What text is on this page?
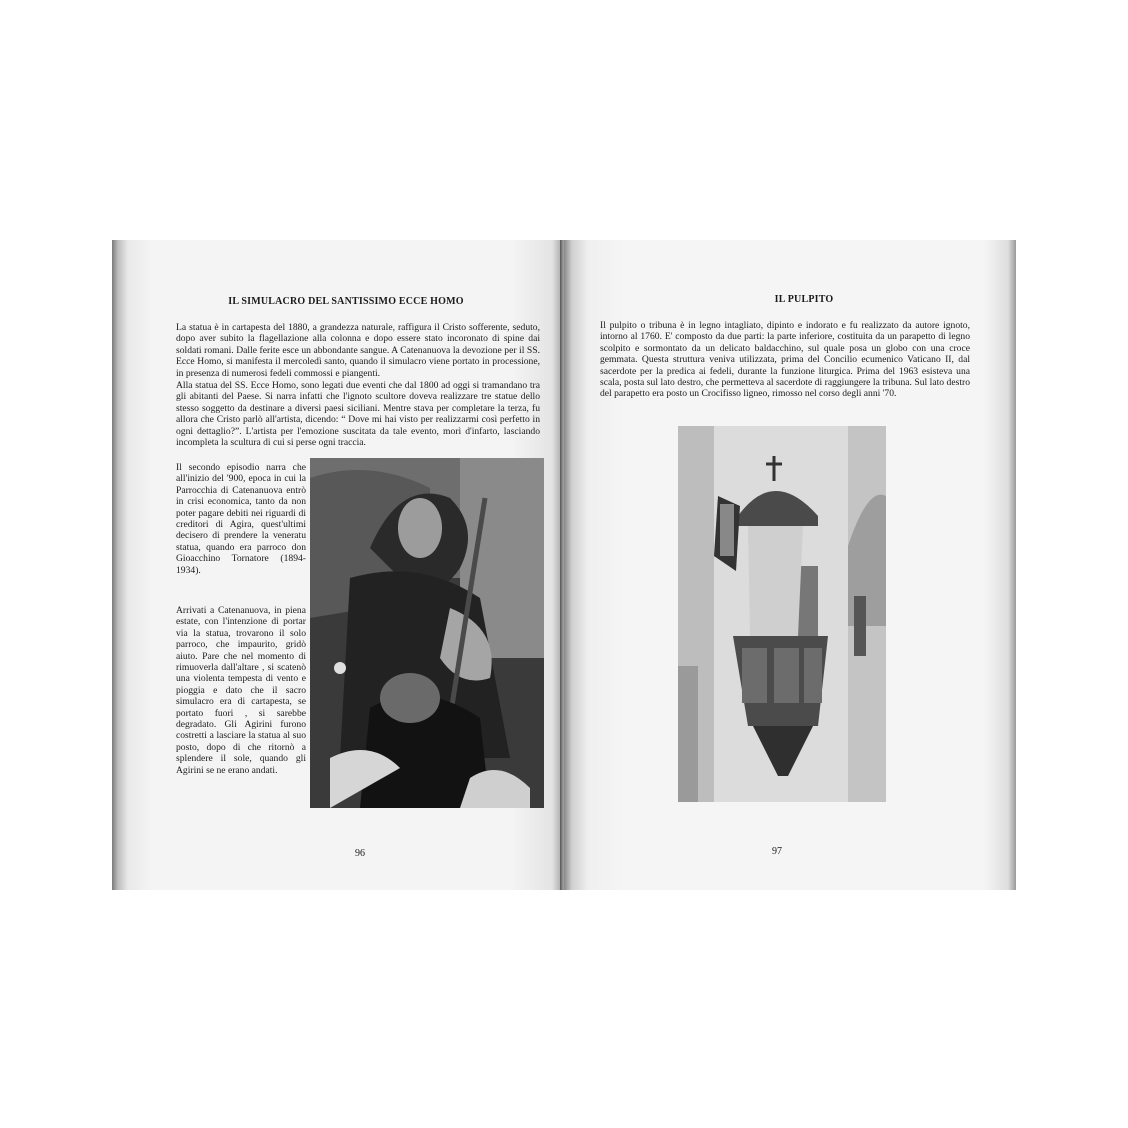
IL SIMULACRO DEL SANTISSIMO ECCE HOMO

La statua è in cartapesta del 1880, a grandezza naturale, raffigura il Cristo sofferente, seduto, dopo aver subito la flagellazione alla colonna e dopo essere stato incoronato di spine dai soldati romani. Dalle ferite esce un abbondante sangue. A Catenanuova la devozione per il SS. Ecce Homo, si manifesta il mercoledì santo, quando il simulacro viene portato in processione, in presenza di numerosi fedeli commossi e piangenti.

Alla statua del SS. Ecce Homo, sono legati due eventi che dal 1800 ad oggi si tramandano tra gli abitanti del Paese. Si narra infatti che l'ignoto scultore doveva realizzare tre statue dello stesso soggetto da destinare a diversi paesi siciliani. Mentre stava per completare la terza, fu allora che Cristo parlò all'artista, dicendo: “ Dove mi hai visto per realizzarmi così perfetto in ogni dettaglio?”. L'artista per l'emozione suscitata da tale evento, morì d'infarto, lasciando incompleta la scultura di cui si perse ogni traccia.

Il secondo episodio narra che all'inizio del '900, epoca in cui la Parrocchia di Catenanuova entrò in crisi economica, tanto da non poter pagare debiti nei riguardi di creditori di Agira, quest'ultimi decisero di prendere la veneratu statua, quando era parroco don Gioacchino Tornatore (1894-1934).

Arrivati a Catenanuova, in piena estate, con l'intenzione di portar via la statua, trovarono il solo parroco, che impaurito, gridò aiuto. Pare che nel momento di rimuoverla dall'altare , si scatenò una violenta tempesta di vento e pioggia e dato che il sacro simulacro era di cartapesta, se portato fuori , si sarebbe degradato. Gli Agirini furono costretti a lasciare la statua al suo posto, dopo di che ritornò a splendere il sole, quando gli Agirini se ne erano andati.

96
IL PULPITO

Il pulpito o tribuna è in legno intagliato, dipinto e indorato e fu realizzato da autore ignoto, intorno al 1760. E' composto da due parti: la parte inferiore, costituita da un parapetto di legno scolpito e sormontato da un delicato baldacchino, sul quale posa un globo con una croce gemmata. Questa struttura veniva utilizzata, prima del Concilio ecumenico Vaticano II, dal sacerdote per la predica ai fedeli, durante la funzione liturgica. Prima del 1963 esisteva una scala, posta sul lato destro, che permetteva al sacerdote di raggiungere la tribuna. Sul lato destro del parapetto era posto un Crocifisso ligneo, rimosso nel corso degli anni '70.

97
